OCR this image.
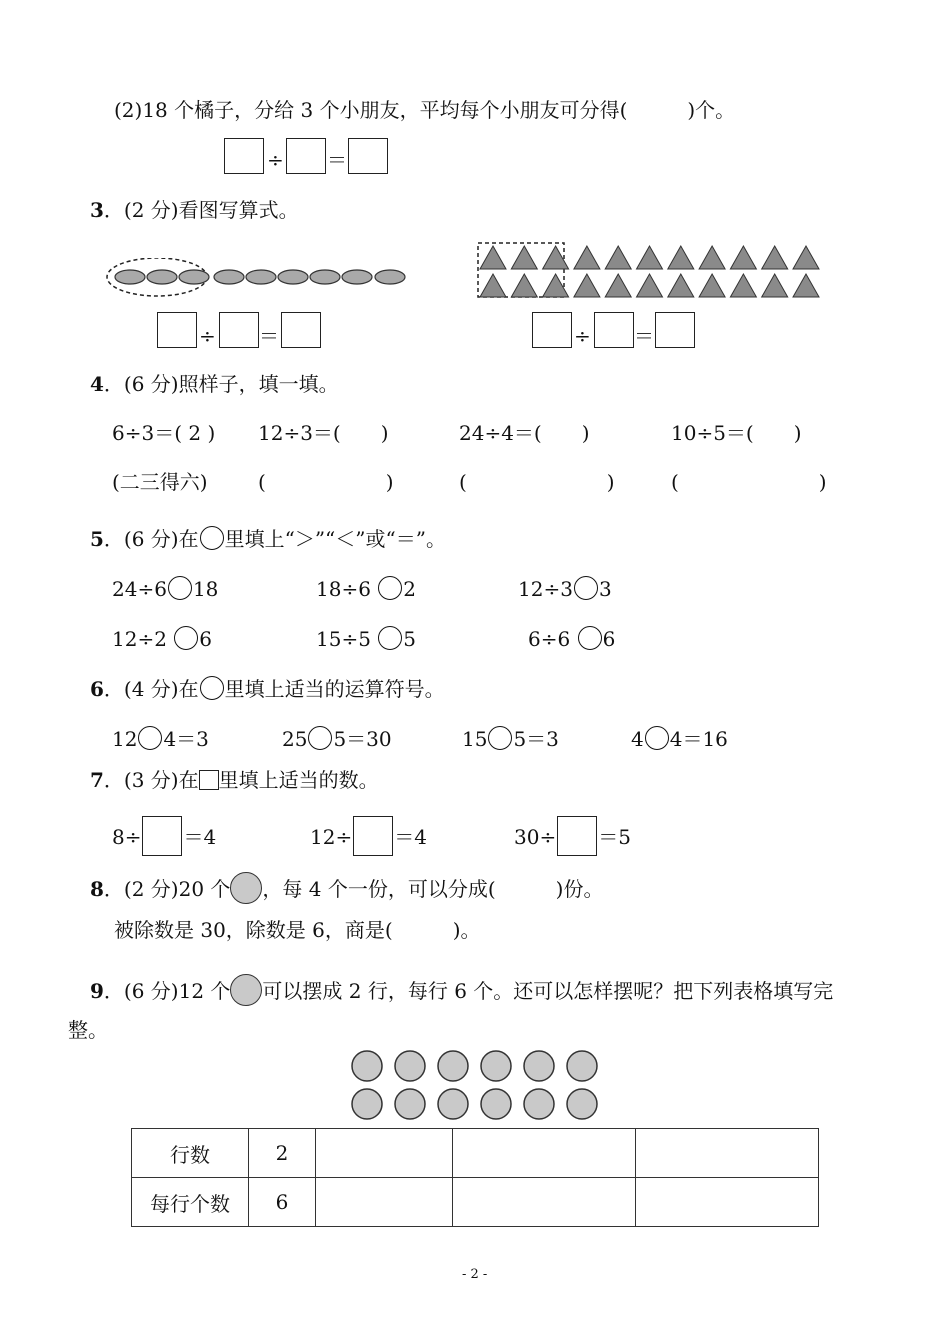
(2)18 个橘子，分给 3 个小朋友，平均每个小朋友可分得(　　　)个。
÷ ＝
3．(2 分)看图写算式。
÷ ＝	÷ ＝
4．(6 分)照样子，填一填。
6÷3＝( 2 ) 12÷3＝(　　)	24÷4＝(　　)	10÷5＝(　　)
(二三得六)	(　　　　　　)	(　　　　　　　)	(　　　　　　　)
5．(6 分)在 里填上“＞”“＜”或“＝”。
24÷6 18	18÷6 2	12÷3 3
12÷2 6	15÷5 5	6÷6 6
6．(4 分)在 里填上适当的运算符号。
12 4＝3	25 5＝30	15 5＝3	4 4＝16
7．(3 分)在 里填上适当的数。
8÷ ＝4	12÷ ＝4	30÷ ＝5
8．(2 分)20 个 ，每 4 个一份，可以分成(　　　)份。
被除数是 30，除数是 6，商是(　　　)。
9．(6 分)12 个 可以摆成 2 行，每行 6 个。还可以怎样摆呢？把下列表格填写完
整。
行数	2			
每行个数	6			
- 2 -
